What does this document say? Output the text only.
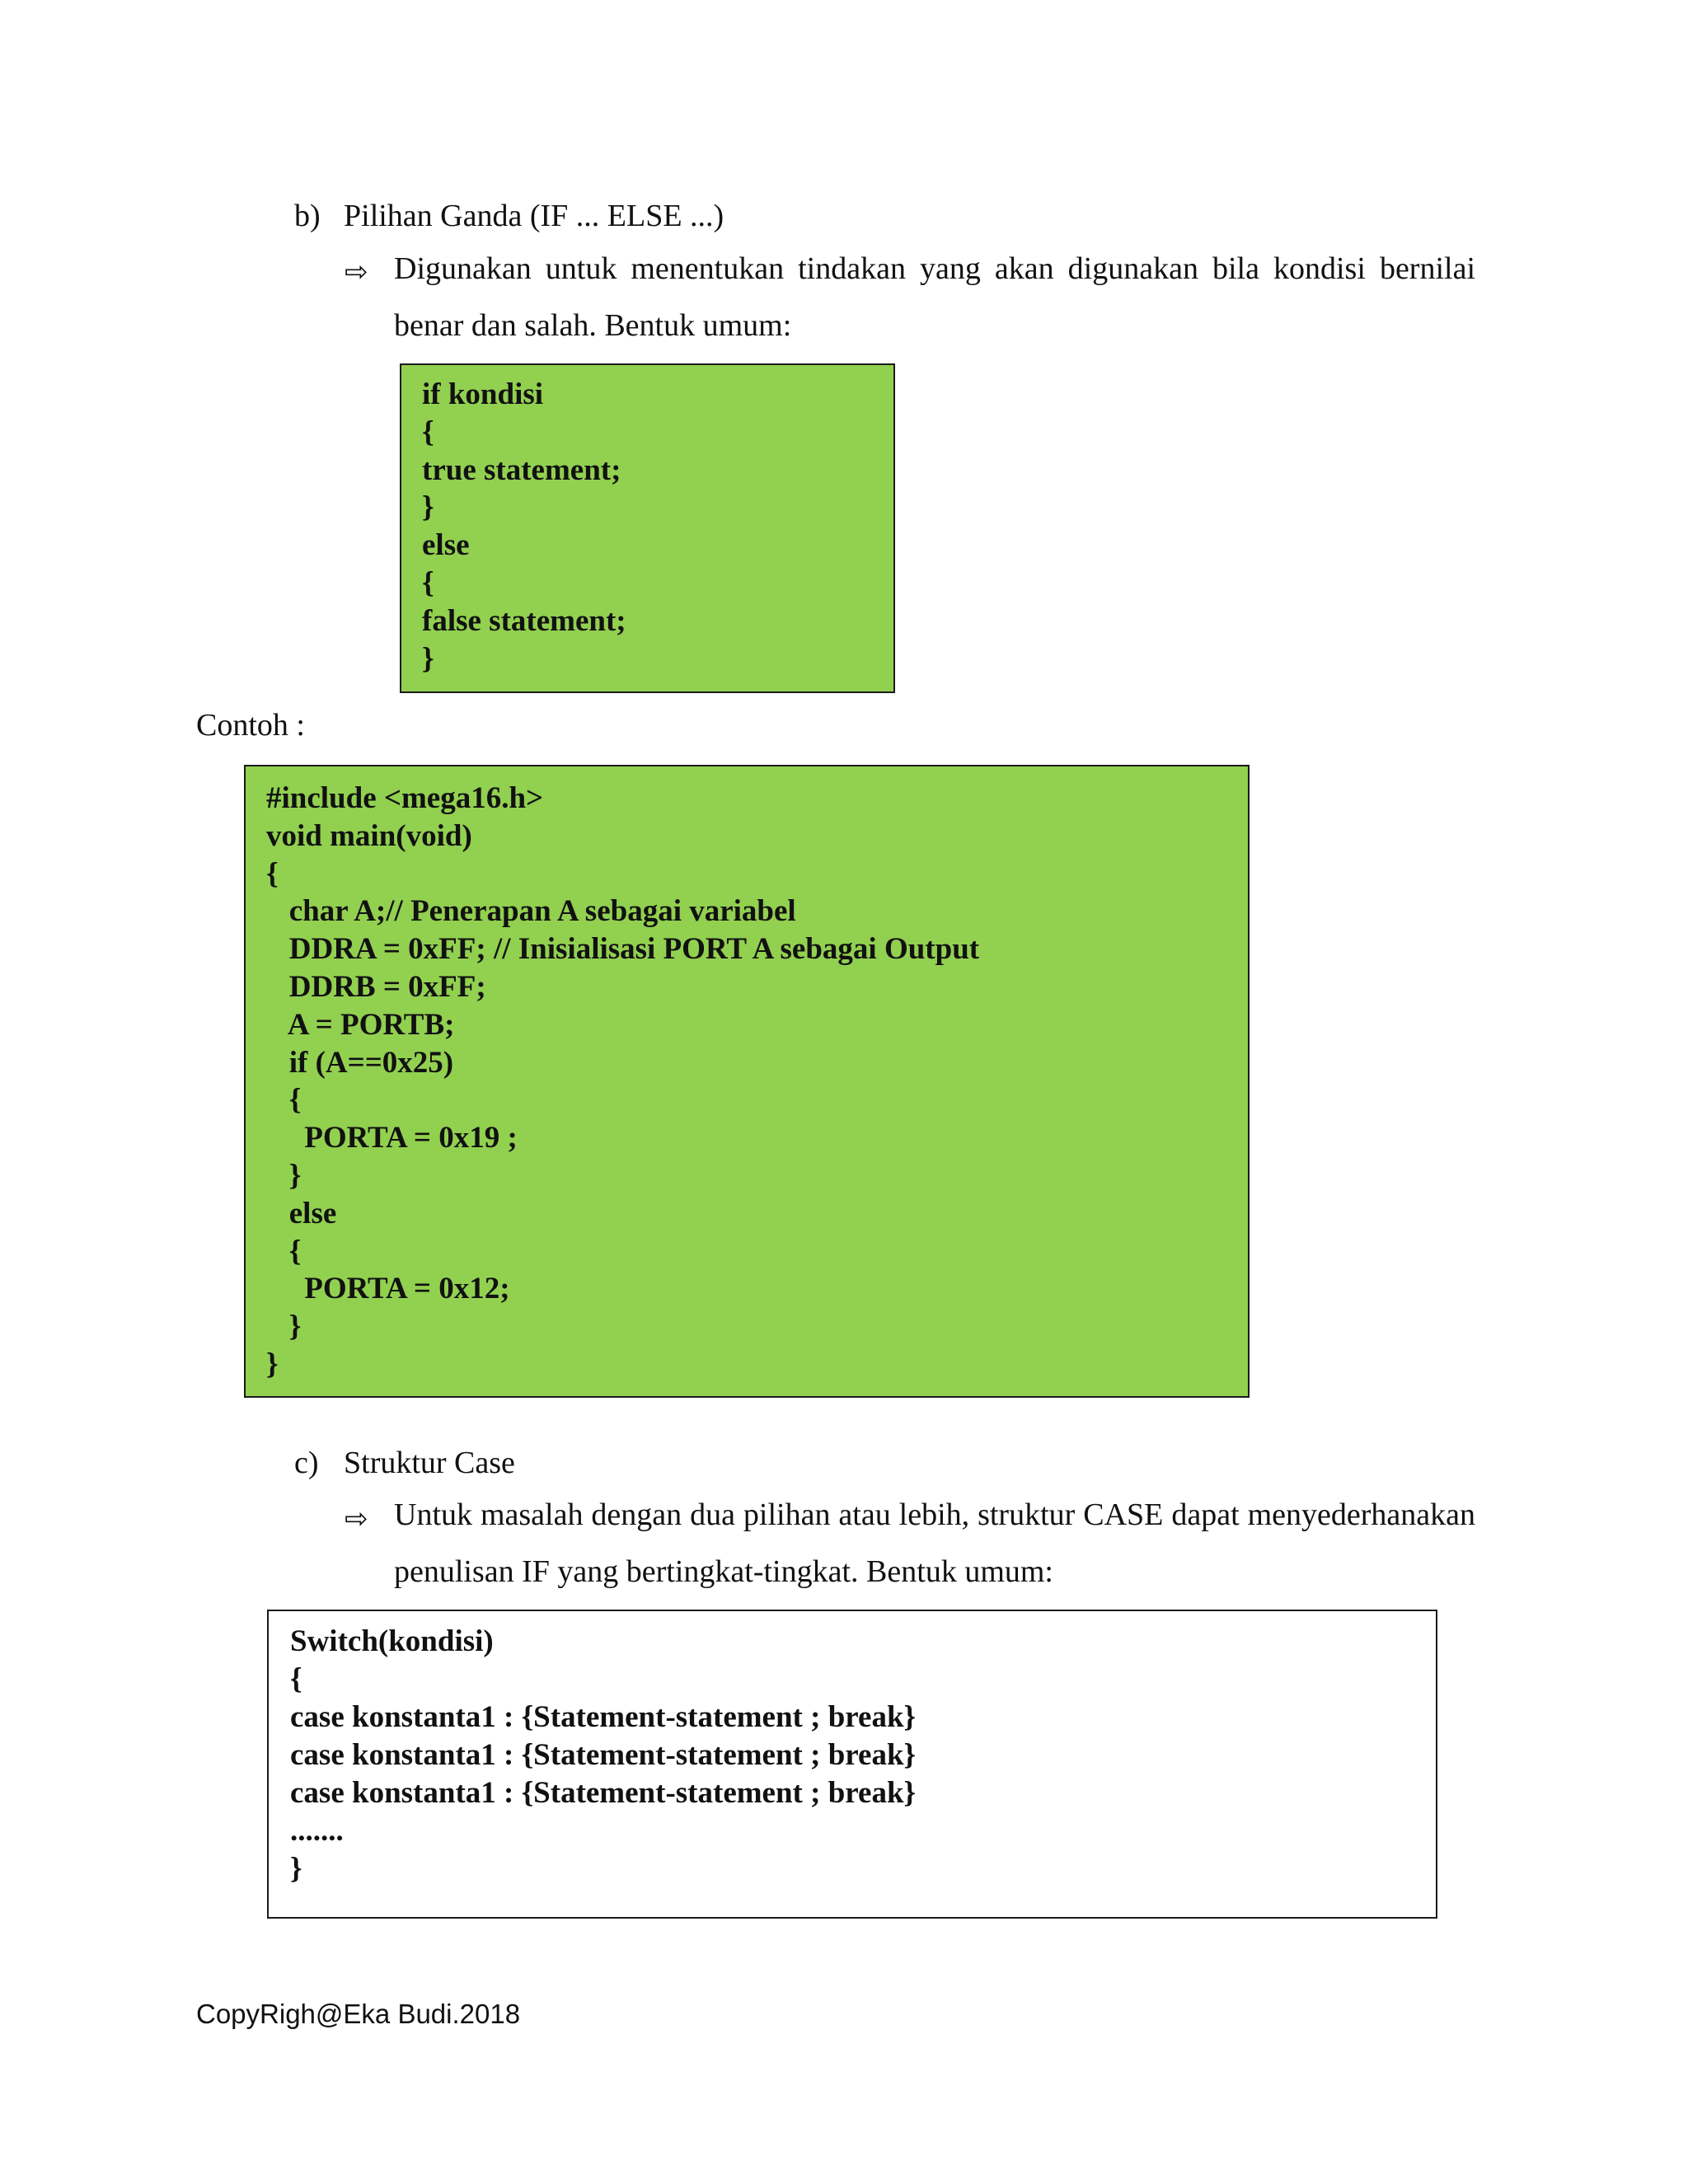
b) Pilihan Ganda (IF ... ELSE ...)
⇨ Digunakan untuk menentukan tindakan yang akan digunakan bila kondisi bernilai benar dan salah. Bentuk umum:
if kondisi
{
true statement;
}
else
{
false statement;
}
Contoh :
#include <mega16.h>
void main(void)
{
char A;// Penerapan A sebagai variabel
DDRA = 0xFF; // Inisialisasi PORT A sebagai Output
DDRB = 0xFF;
A = PORTB;
if (A==0x25)
{
PORTA = 0x19 ;
}
else
{
PORTA = 0x12;
}
}
c) Struktur Case
⇨ Untuk masalah dengan dua pilihan atau lebih, struktur CASE dapat menyederhanakan penulisan IF yang bertingkat-tingkat. Bentuk umum:
Switch(kondisi)
{
case konstanta1 : {Statement-statement ; break}
case konstanta1 : {Statement-statement ; break}
case konstanta1 : {Statement-statement ; break}
.......
}
CopyRigh@Eka Budi.2018
